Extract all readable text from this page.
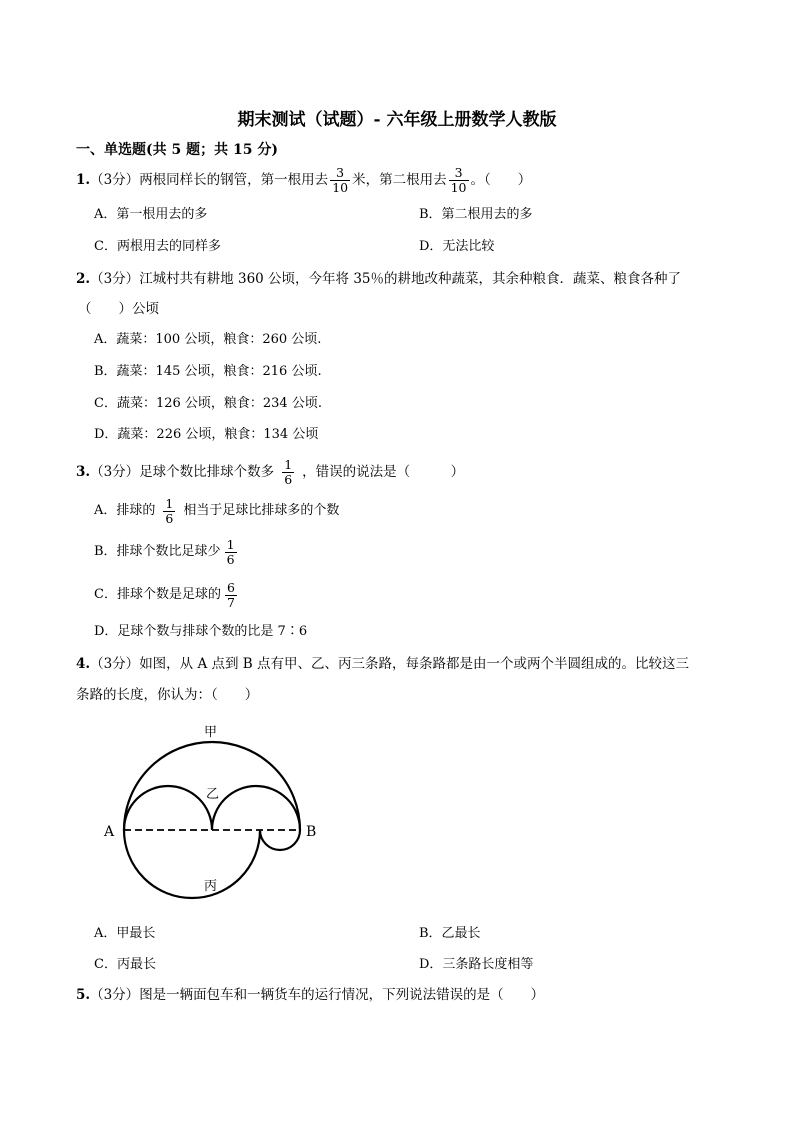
期末测试（试题）- 六年级上册数学人教版
一、单选题(共 5 题；共 15 分)
1. （3分） 两根同样长的钢管，第一根用去 $\frac{3}{10}$ 米，第二根用去 $\frac{3}{10}$ 。（　　）
A．第一根用去的多	B．第二根用去的多
C．两根用去的同样多	D．无法比较
2.（3分）江城村共有耕地 360 公顷，今年将 35％的耕地改种蔬菜，其余种粮食．蔬菜、粮食各种了
（　　）公顷
A．蔬菜：100 公顷，粮食：260 公顷.
B．蔬菜：145 公顷，粮食：216 公顷.
C．蔬菜：126 公顷，粮食：234 公顷.
D．蔬菜：226 公顷，粮食：134 公顷
3. （3分） 足球个数比排球个数多 $\frac{1}{6}$ ，错误的说法是（　　　）
A．排球的 $\frac{1}{6}$ 相当于足球比排球多的个数
B．排球个数比足球少 $\frac{1}{6}$
C．排球个数是足球的 $\frac{6}{7}$
D．足球个数与排球个数的比是 7∶6
4.（3分）如图，从 A 点到 B 点有甲、乙、丙三条路，每条路都是由一个或两个半圆组成的。比较这三
条路的长度，你认为：（　　）
A	B
甲
乙
丙
A．甲最长	B．乙最长
C．丙最长	D．三条路长度相等
5.（3分）图是一辆面包车和一辆货车的运行情况，下列说法错误的是（　　）
